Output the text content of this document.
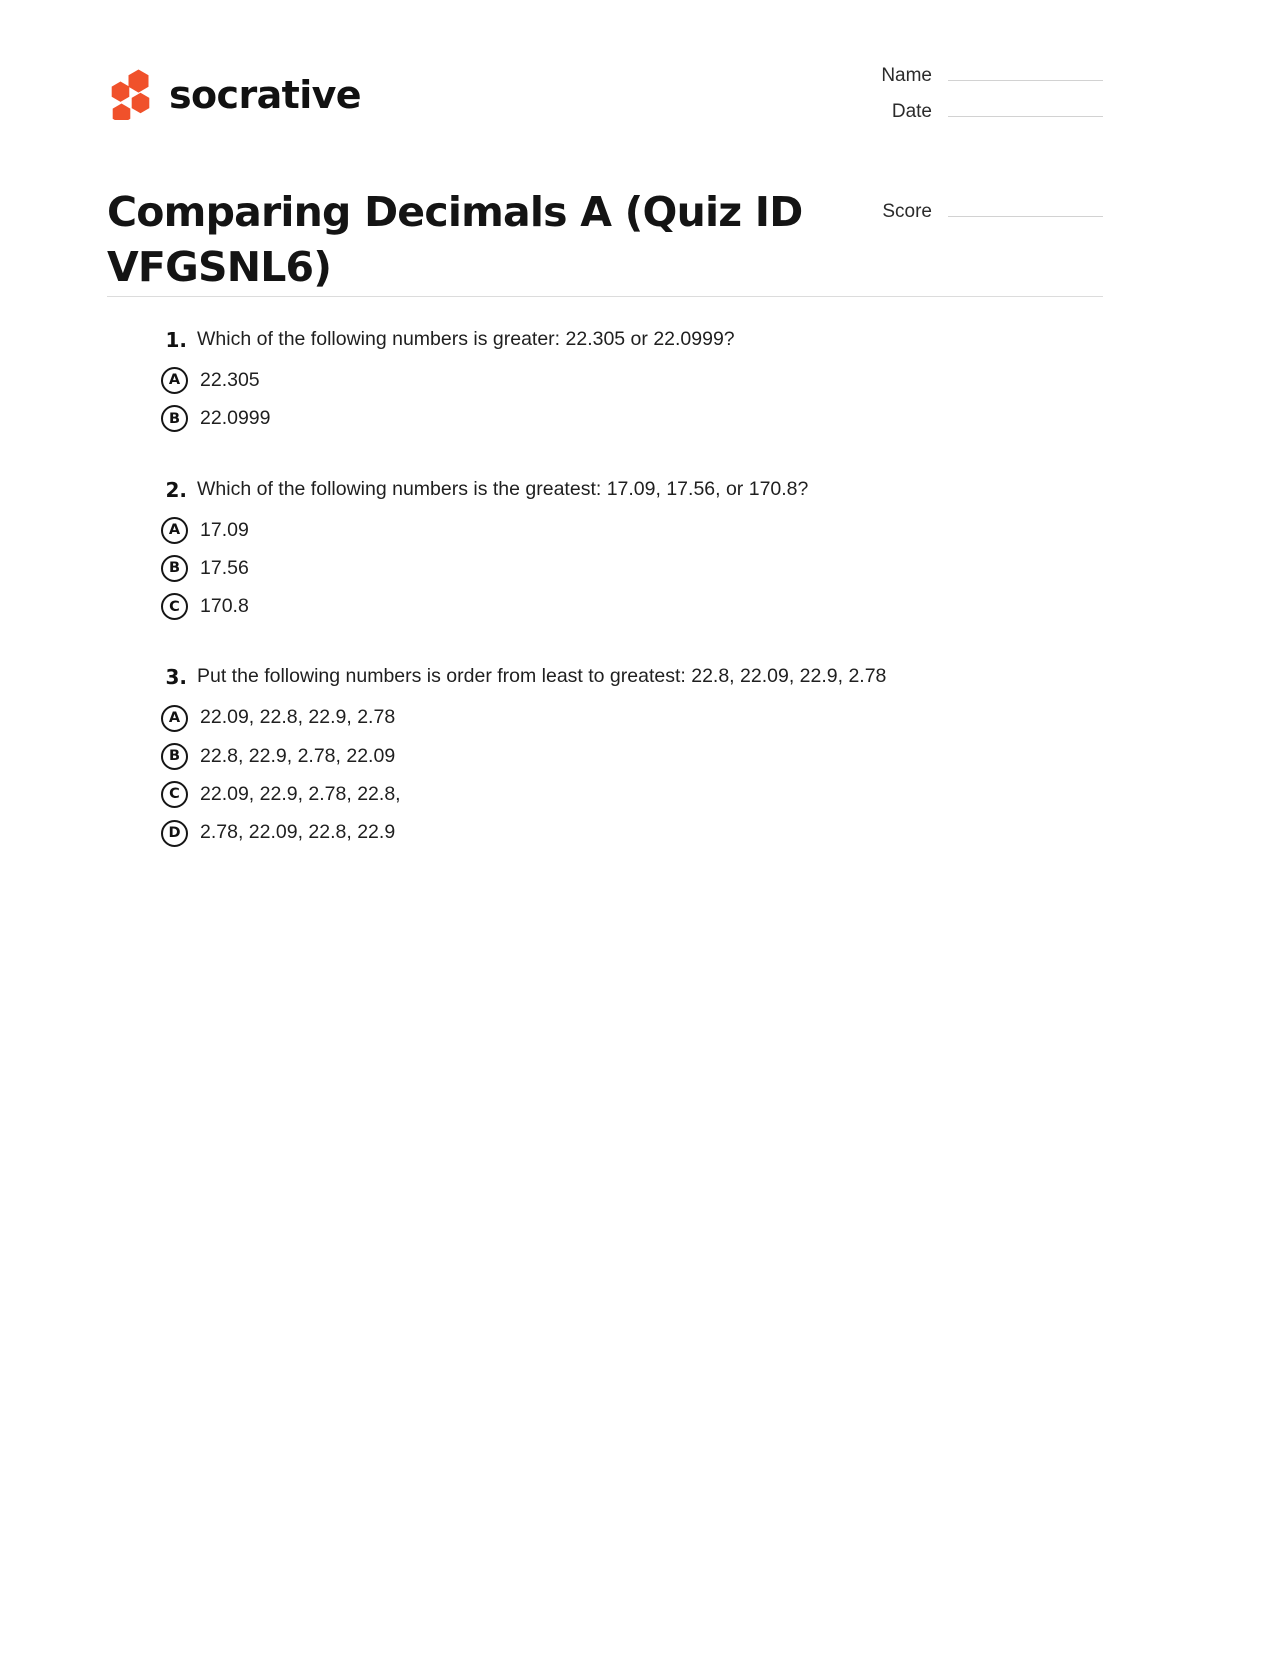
socrative	Name
Date
Score
Comparing Decimals A (Quiz ID VFGSNL6)
1. Which of the following numbers is greater: 22.305 or 22.0999?
A	22.305
B	22.0999
2. Which of the following numbers is the greatest: 17.09, 17.56, or 170.8?
A	17.09
B	17.56
C	170.8
3. Put the following numbers is order from least to greatest: 22.8, 22.09, 22.9, 2.78
A	22.09, 22.8, 22.9, 2.78
B	22.8, 22.9, 2.78, 22.09
C	22.09, 22.9, 2.78, 22.8,
D 2.78, 22.09, 22.8, 22.9
